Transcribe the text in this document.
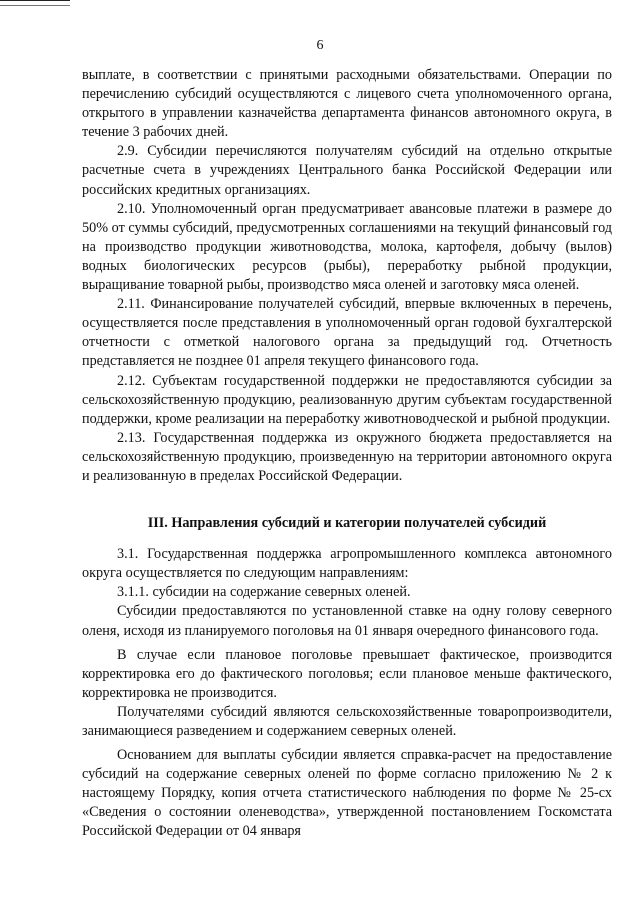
6

выплате, в соответствии с принятыми расходными обязательствами. Операции по перечислению субсидий осуществляются с лицевого счета уполномоченного органа, открытого в управлении казначейства департамента финансов автономного округа, в течение 3 рабочих дней.

2.9. Субсидии перечисляются получателям субсидий на отдельно открытые расчетные счета в учреждениях Центрального банка Российской Федерации или российских кредитных организациях.

2.10. Уполномоченный орган предусматривает авансовые платежи в размере до 50% от суммы субсидий, предусмотренных соглашениями на текущий финансовый год на производство продукции животноводства, молока, картофеля, добычу (вылов) водных биологических ресурсов (рыбы), переработку рыбной продукции, выращивание товарной рыбы, производство мяса оленей и заготовку мяса оленей.

2.11. Финансирование получателей субсидий, впервые включенных в перечень, осуществляется после представления в уполномоченный орган годовой бухгалтерской отчетности с отметкой налогового органа за предыдущий год. Отчетность представляется не позднее 01 апреля текущего финансового года.

2.12. Субъектам государственной поддержки не предоставляются субсидии за сельскохозяйственную продукцию, реализованную другим субъектам государственной поддержки, кроме реализации на переработку животноводческой и рыбной продукции.

2.13. Государственная поддержка из окружного бюджета предоставляется на сельскохозяйственную продукцию, произведенную на территории автономного округа и реализованную в пределах Российской Федерации.

III. Направления субсидий и категории получателей субсидий

3.1. Государственная поддержка агропромышленного комплекса автономного округа осуществляется по следующим направлениям:

3.1.1. субсидии на содержание северных оленей.

Субсидии предоставляются по установленной ставке на одну голову северного оленя, исходя из планируемого поголовья на 01 января очередного финансового года.

В случае если плановое поголовье превышает фактическое, производится корректировка его до фактического поголовья; если плановое меньше фактического, корректировка не производится.

Получателями субсидий являются сельскохозяйственные товаропроизводители, занимающиеся разведением и содержанием северных оленей.

Основанием для выплаты субсидии является справка-расчет на предоставление субсидий на содержание северных оленей по форме согласно приложению № 2 к настоящему Порядку, копия отчета статистического наблюдения по форме № 25-сх «Сведения о состоянии оленеводства», утвержденной постановлением Госкомстата Российской Федерации от 04 января
